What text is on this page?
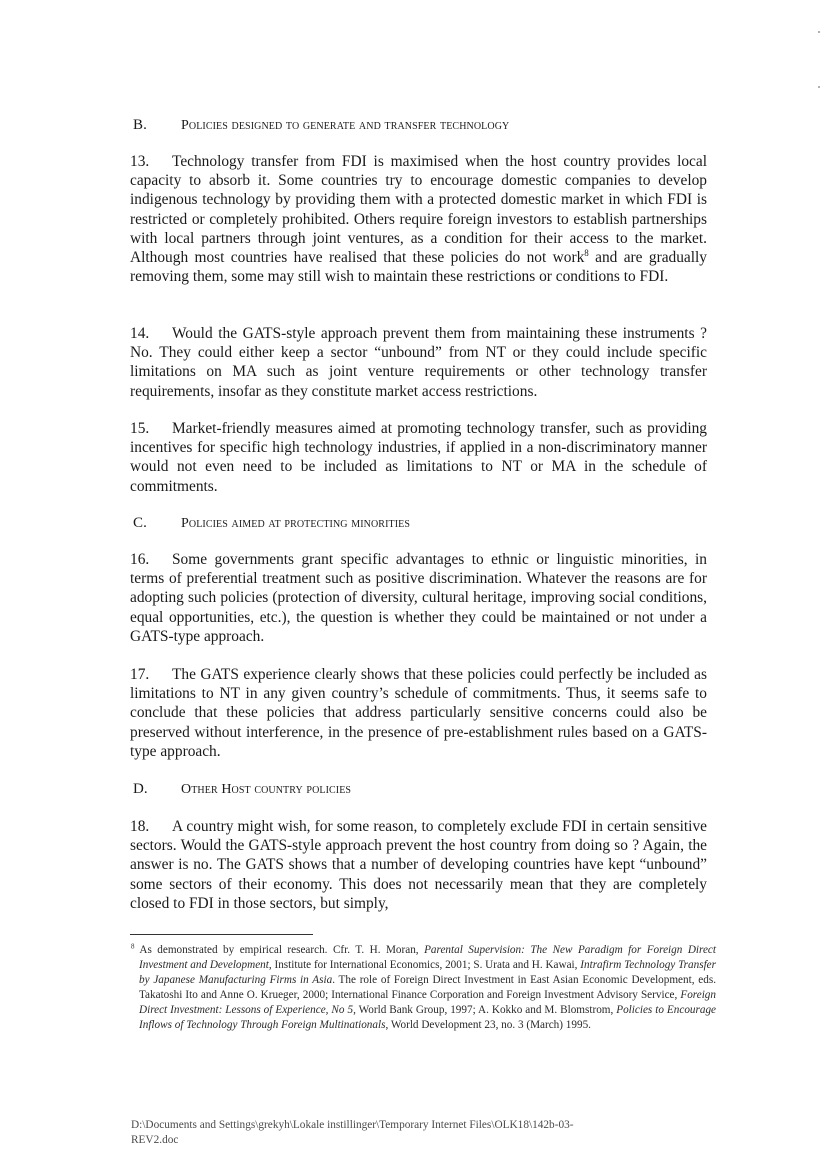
B. Policies designed to generate and transfer technology

13. Technology transfer from FDI is maximised when the host country provides local capacity to absorb it. Some countries try to encourage domestic companies to develop indigenous technology by providing them with a protected domestic market in which FDI is restricted or completely prohibited. Others require foreign investors to establish partnerships with local partners through joint ventures, as a condition for their access to the market. Although most countries have realised that these policies do not work$^8$ and are gradually removing them, some may still wish to maintain these restrictions or conditions to FDI.

14. Would the GATS-style approach prevent them from maintaining these instruments ? No. They could either keep a sector “unbound” from NT or they could include specific limitations on MA such as joint venture requirements or other technology transfer requirements, insofar as they constitute market access restrictions.

15. Market-friendly measures aimed at promoting technology transfer, such as providing incentives for specific high technology industries, if applied in a non-discriminatory manner would not even need to be included as limitations to NT or MA in the schedule of commitments.

C. Policies aimed at protecting minorities

16. Some governments grant specific advantages to ethnic or linguistic minorities, in terms of preferential treatment such as positive discrimination. Whatever the reasons are for adopting such policies (protection of diversity, cultural heritage, improving social conditions, equal opportunities, etc.), the question is whether they could be maintained or not under a GATS-type approach.

17. The GATS experience clearly shows that these policies could perfectly be included as limitations to NT in any given country’s schedule of commitments. Thus, it seems safe to conclude that these policies that address particularly sensitive concerns could also be preserved without interference, in the presence of pre-establishment rules based on a GATS-type approach.

D. Other Host country policies

18. A country might wish, for some reason, to completely exclude FDI in certain sensitive sectors. Would the GATS-style approach prevent the host country from doing so ? Again, the answer is no. The GATS shows that a number of developing countries have kept “unbound” some sectors of their economy. This does not necessarily mean that they are completely closed to FDI in those sectors, but simply,

$^8$ As demonstrated by empirical research. Cfr. T. H. Moran, Parental Supervision: The New Paradigm for Foreign Direct Investment and Development, Institute for International Economics, 2001; S. Urata and H. Kawai, Intrafirm Technology Transfer by Japanese Manufacturing Firms in Asia. The role of Foreign Direct Investment in East Asian Economic Development, eds. Takatoshi Ito and Anne O. Krueger, 2000; International Finance Corporation and Foreign Investment Advisory Service, Foreign Direct Investment: Lessons of Experience, No 5, World Bank Group, 1997; A. Kokko and M. Blomstrom, Policies to Encourage Inflows of Technology Through Foreign Multinationals, World Development 23, no. 3 (March) 1995.
D:\Documents and Settings\grekyh\Lokale instillinger\Temporary Internet Files\OLK18\142b-03-
REV2.doc
